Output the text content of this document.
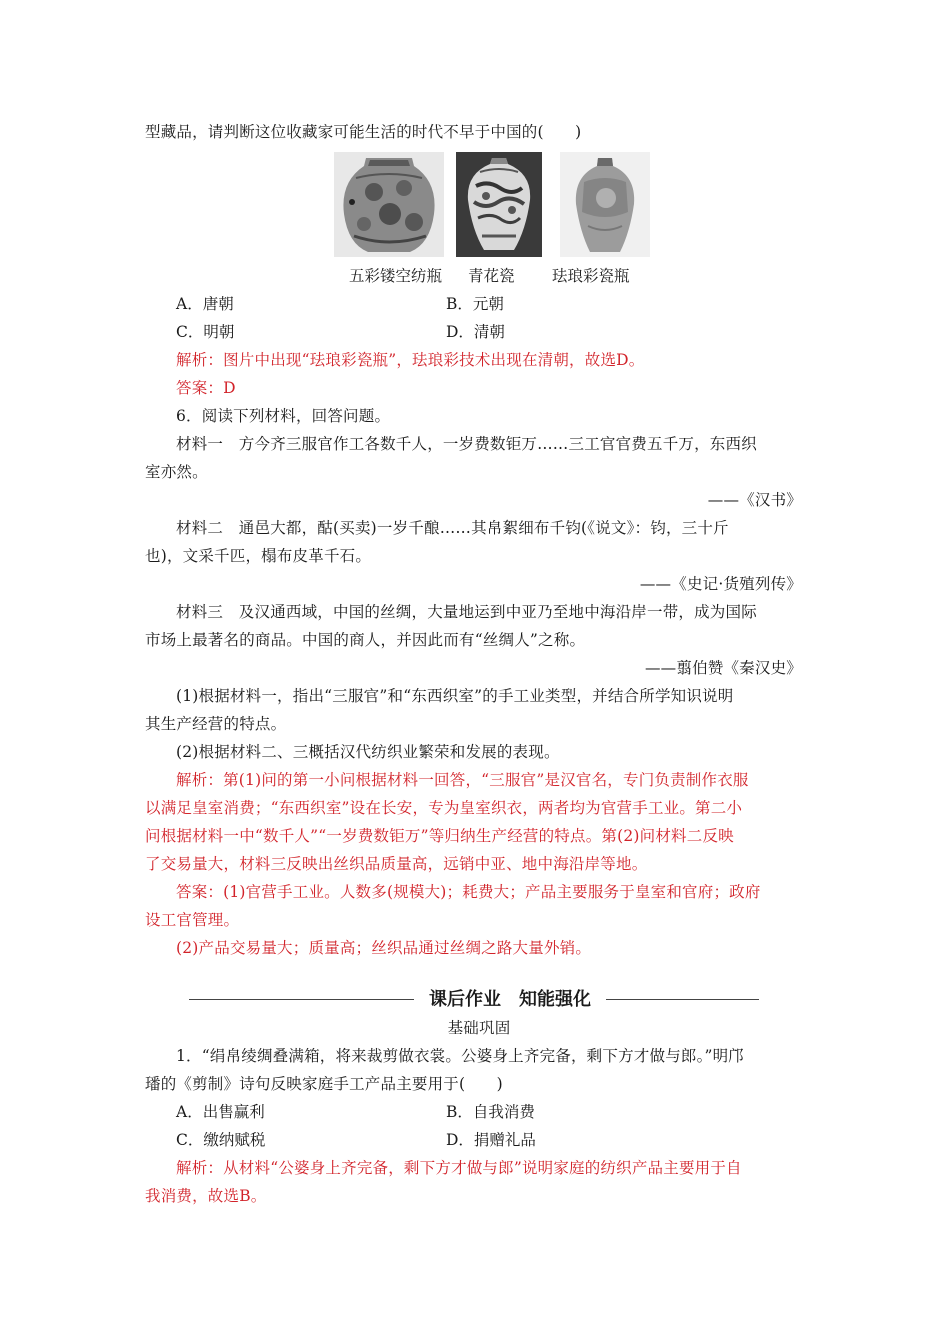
型藏品，请判断这位收藏家可能生活的时代不早于中国的(　　)
五彩镂空纺瓶 青花瓷 珐琅彩瓷瓶
A．唐朝	B．元朝
C．明朝	D．清朝
解析：图片中出现“珐琅彩瓷瓶”，珐琅彩技术出现在清朝，故选D。
答案：D
6．阅读下列材料，回答问题。
材料一　方今齐三服官作工各数千人，一岁费数钜万……三工官官费五千万，东西织
室亦然。
——《汉书》
材料二　通邑大都，酤(买卖)一岁千酿……其帛絮细布千钧(《说文》：钧，三十斤
也)，文采千匹，榻布皮革千石。
——《史记·货殖列传》
材料三　及汉通西域，中国的丝绸，大量地运到中亚乃至地中海沿岸一带，成为国际
市场上最著名的商品。中国的商人，并因此而有“丝绸人”之称。
——翦伯赞《秦汉史》
(1)根据材料一，指出“三服官”和“东西织室”的手工业类型，并结合所学知识说明
其生产经营的特点。
(2)根据材料二、三概括汉代纺织业繁荣和发展的表现。
解析：第(1)问的第一小问根据材料一回答，“三服官”是汉官名，专门负责制作衣服
以满足皇室消费；“东西织室”设在长安，专为皇室织衣，两者均为官营手工业。第二小
问根据材料一中“数千人”“一岁费数钜万”等归纳生产经营的特点。第(2)问材料二反映
了交易量大，材料三反映出丝织品质量高，远销中亚、地中海沿岸等地。
答案：(1)官营手工业。人数多(规模大)；耗费大；产品主要服务于皇室和官府；政府
设工官管理。
(2)产品交易量大；质量高；丝织品通过丝绸之路大量外销。
课后作业　知能强化
基础巩固
1．“绢帛绫绸叠满箱，将来裁剪做衣裳。公婆身上齐完备，剩下方才做与郎。”明邝
璠的《剪制》诗句反映家庭手工产品主要用于(　　)
A．出售赢利	B．自我消费
C．缴纳赋税	D．捐赠礼品
解析：从材料“公婆身上齐完备，剩下方才做与郎”说明家庭的纺织产品主要用于自
我消费，故选B。
